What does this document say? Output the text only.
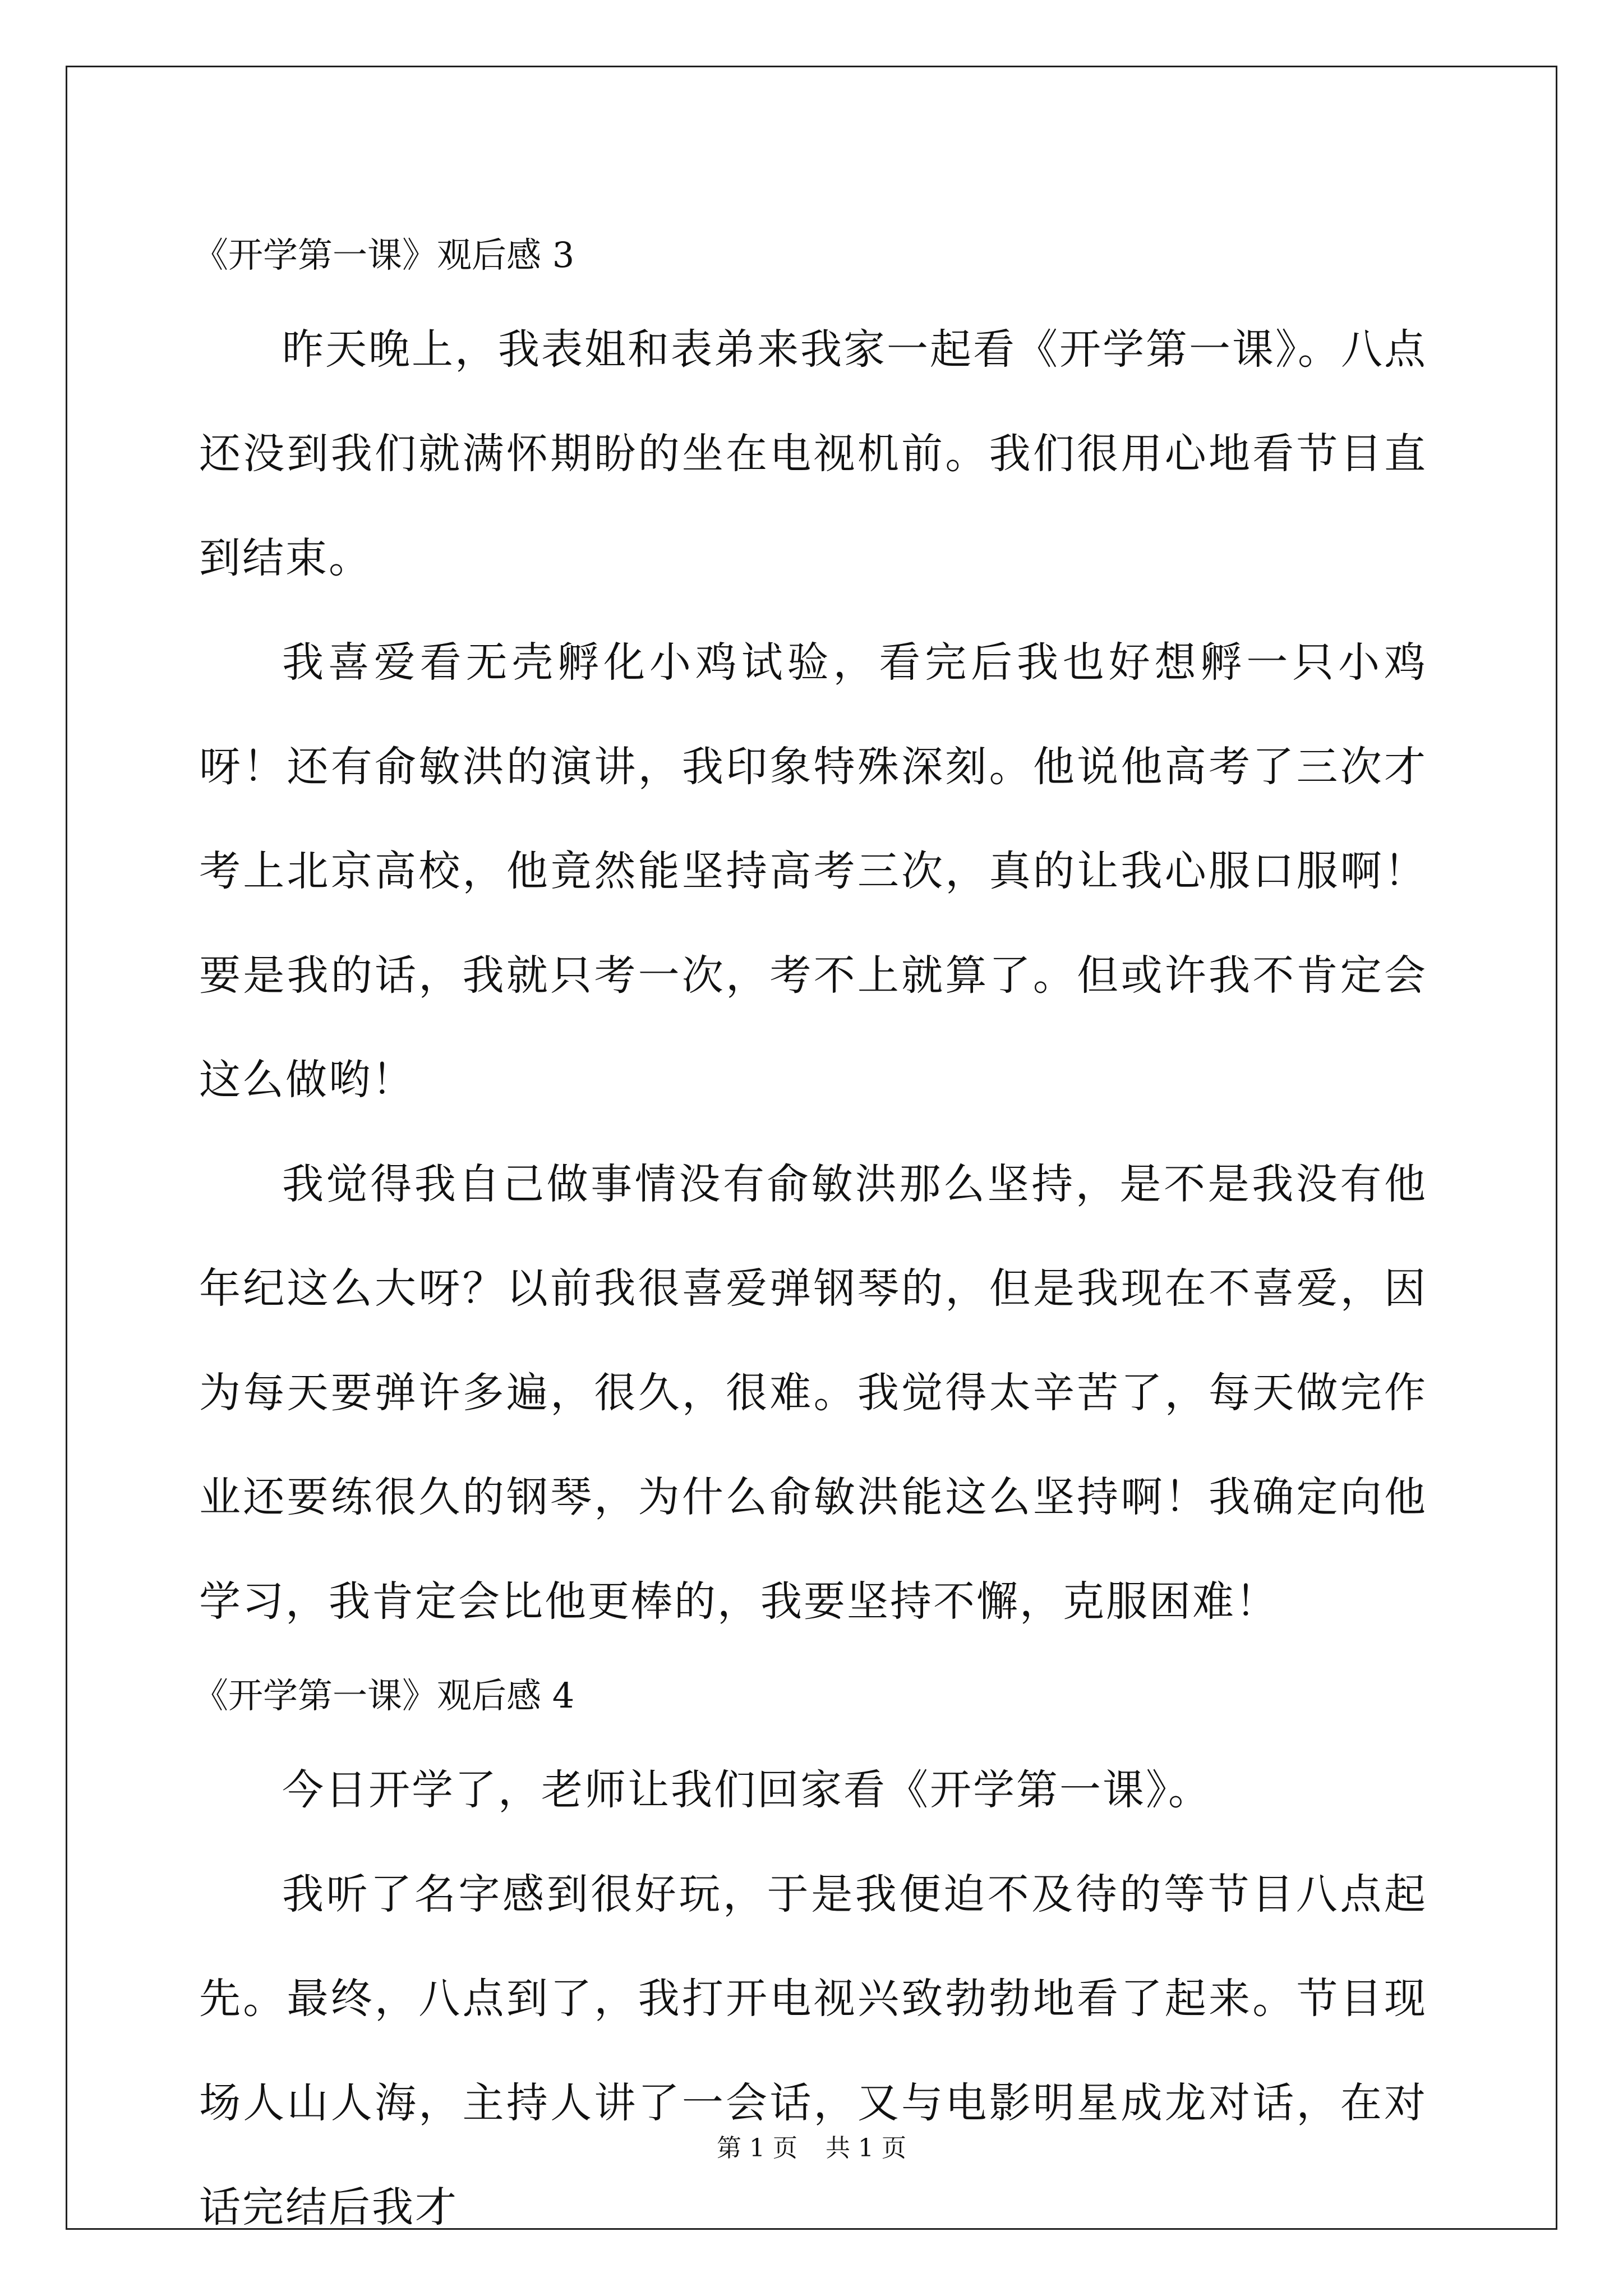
《开学第一课》观后感 3

昨天晚上，我表姐和表弟来我家一起看《开学第一课》。八点还没到我们就满怀期盼的坐在电视机前。我们很用心地看节目直到结束。

我喜爱看无壳孵化小鸡试验，看完后我也好想孵一只小鸡呀！还有俞敏洪的演讲，我印象特殊深刻。他说他高考了三次才考上北京高校，他竟然能坚持高考三次，真的让我心服口服啊！要是我的话，我就只考一次，考不上就算了。但或许我不肯定会这么做哟！

我觉得我自己做事情没有俞敏洪那么坚持，是不是我没有他年纪这么大呀？以前我很喜爱弹钢琴的，但是我现在不喜爱，因为每天要弹许多遍，很久，很难。我觉得太辛苦了，每天做完作业还要练很久的钢琴，为什么俞敏洪能这么坚持啊！我确定向他学习，我肯定会比他更棒的，我要坚持不懈，克服困难！

《开学第一课》观后感 4

今日开学了，老师让我们回家看《开学第一课》。

我听了名字感到很好玩，于是我便迫不及待的等节目八点起先。最终，八点到了，我打开电视兴致勃勃地看了起来。节目现场人山人海，主持人讲了一会话，又与电影明星成龙对话，在对话完结后我才

第 1 页 共 1 页
